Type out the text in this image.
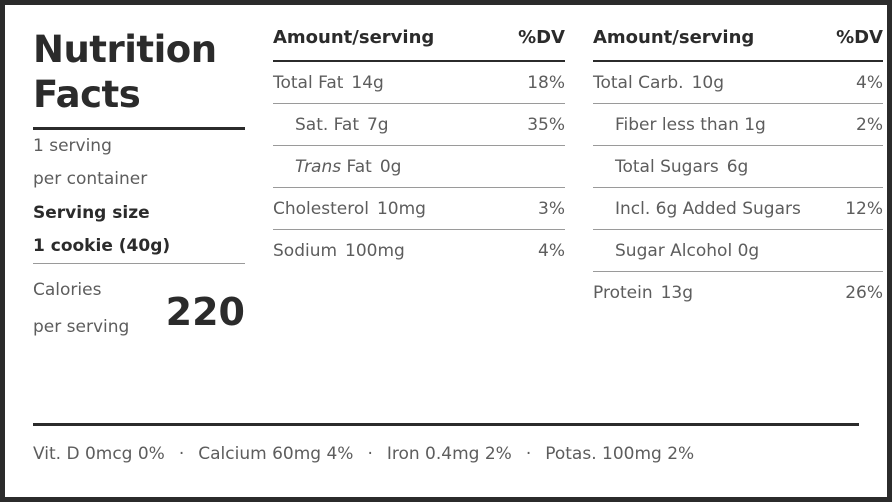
Nutrition
Facts
1 serving
per container
Serving size
1 cookie (40g)
Calories
per serving 220
Amount/serving	%DV
Total Fat 14g	18%
Sat. Fat 7g	35%
Trans Fat 0g
Cholesterol 10mg	3%
Sodium 100mg	4%
Amount/serving	%DV
Total Carb. 10g	4%
Fiber less than 1g	2%
Total Sugars 6g
Incl. 6g Added Sugars	12%
Sugar Alcohol 0g
Protein 13g	26%
Vit. D 0mcg 0% · Calcium 60mg 4% · Iron 0.4mg 2% · Potas. 100mg 2%
